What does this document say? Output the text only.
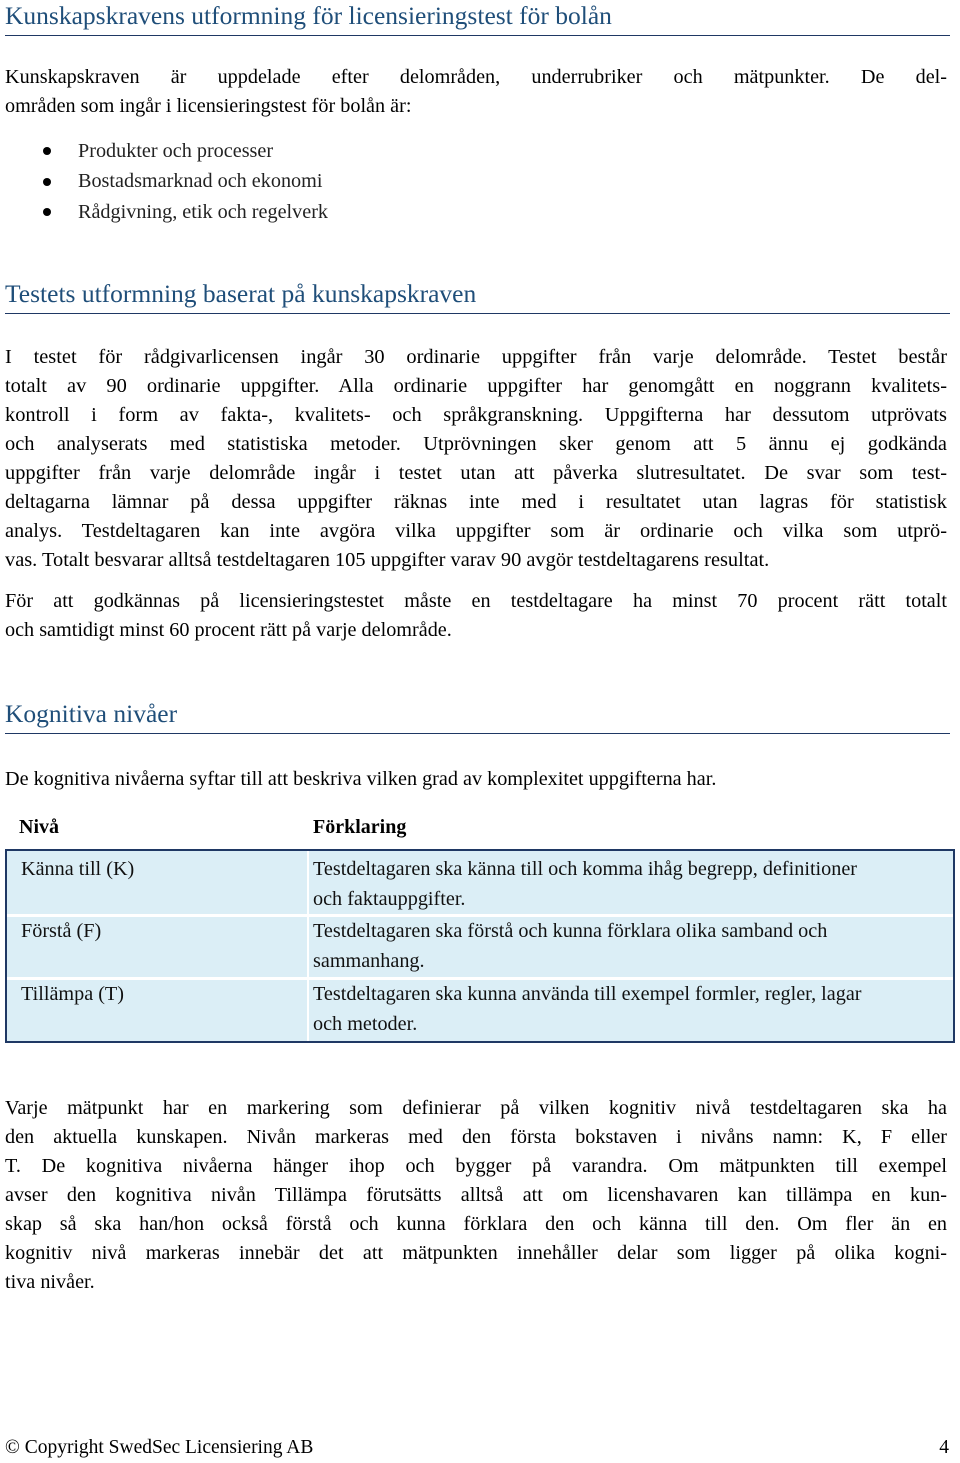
Kunskapskravens utformning för licensieringstest för bolån
Kunskapskraven är uppdelade efter delområden, underrubriker och mätpunkter. De del-
områden som ingår i licensieringstest för bolån är:
Produkter och processer
Bostadsmarknad och ekonomi
Rådgivning, etik och regelverk
Testets utformning baserat på kunskapskraven
I testet för rådgivarlicensen ingår 30 ordinarie uppgifter från varje delområde. Testet består
totalt av 90 ordinarie uppgifter. Alla ordinarie uppgifter har genomgått en noggrann kvalitets-
kontroll i form av fakta-, kvalitets- och språkgranskning. Uppgifterna har dessutom utprövats
och analyserats med statistiska metoder. Utprövningen sker genom att 5 ännu ej godkända
uppgifter från varje delområde ingår i testet utan att påverka slutresultatet. De svar som test-
deltagarna lämnar på dessa uppgifter räknas inte med i resultatet utan lagras för statistisk
analys. Testdeltagaren kan inte avgöra vilka uppgifter som är ordinarie och vilka som utprö-
vas. Totalt besvarar alltså testdeltagaren 105 uppgifter varav 90 avgör testdeltagarens resultat.
För att godkännas på licensieringstestet måste en testdeltagare ha minst 70 procent rätt totalt
och samtidigt minst 60 procent rätt på varje delområde.
Kognitiva nivåer
De kognitiva nivåerna syftar till att beskriva vilken grad av komplexitet uppgifterna har.
Nivå	Förklaring
Känna till (K)	Testdeltagaren ska känna till och komma ihåg begrepp, definitioner
och faktauppgifter.
Förstå (F)	Testdeltagaren ska förstå och kunna förklara olika samband och
sammanhang.
Tillämpa (T)	Testdeltagaren ska kunna använda till exempel formler, regler, lagar
och metoder.
Varje mätpunkt har en markering som definierar på vilken kognitiv nivå testdeltagaren ska ha
den aktuella kunskapen. Nivån markeras med den första bokstaven i nivåns namn: K, F eller
T. De kognitiva nivåerna hänger ihop och bygger på varandra. Om mätpunkten till exempel
avser den kognitiva nivån Tillämpa förutsätts alltså att om licenshavaren kan tillämpa en kun-
skap så ska han/hon också förstå och kunna förklara den och känna till den. Om fler än en
kognitiv nivå markeras innebär det att mätpunkten innehåller delar som ligger på olika kogni-
tiva nivåer.
© Copyright SwedSec Licensiering AB	4
